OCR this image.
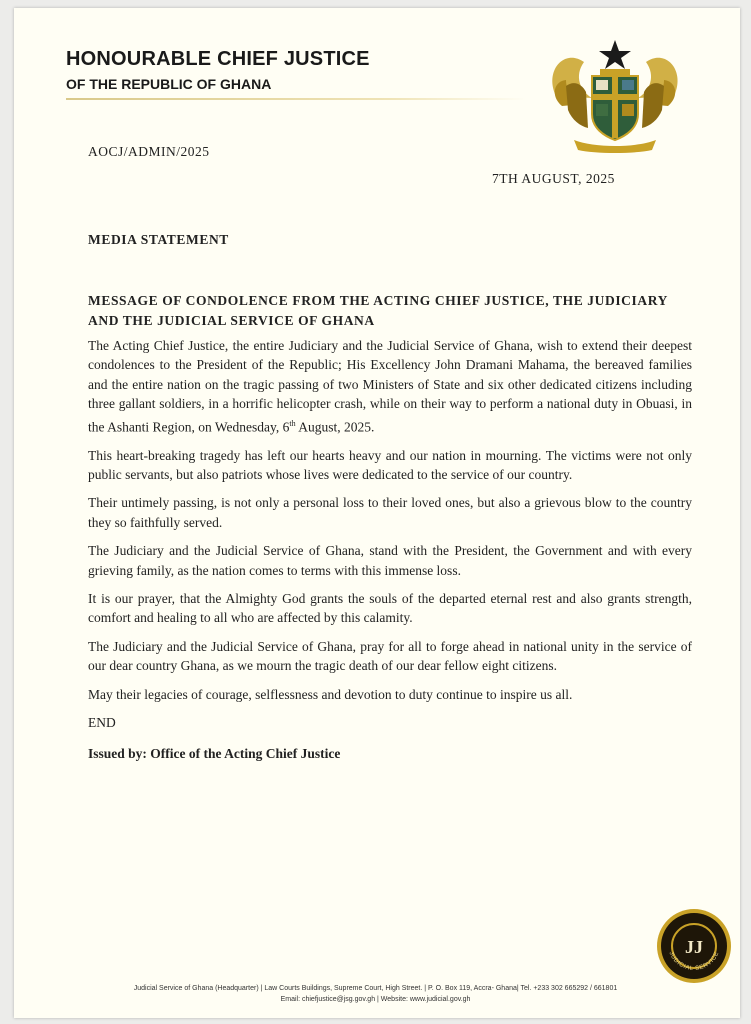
HONOURABLE CHIEF JUSTICE
OF THE REPUBLIC OF GHANA
AOCJ/ADMIN/2025
7TH AUGUST, 2025
MEDIA STATEMENT
MESSAGE OF CONDOLENCE FROM THE ACTING CHIEF JUSTICE, THE JUDICIARY AND THE JUDICIAL SERVICE OF GHANA

The Acting Chief Justice, the entire Judiciary and the Judicial Service of Ghana, wish to extend their deepest condolences to the President of the Republic; His Excellency John Dramani Mahama, the bereaved families and the entire nation on the tragic passing of two Ministers of State and six other dedicated citizens including three gallant soldiers, in a horrific helicopter crash, while on their way to perform a national duty in Obuasi, in the Ashanti Region, on Wednesday, 6th August, 2025.

This heart-breaking tragedy has left our hearts heavy and our nation in mourning. The victims were not only public servants, but also patriots whose lives were dedicated to the service of our country.

Their untimely passing, is not only a personal loss to their loved ones, but also a grievous blow to the country they so faithfully served.

The Judiciary and the Judicial Service of Ghana, stand with the President, the Government and with every grieving family, as the nation comes to terms with this immense loss.

It is our prayer, that the Almighty God grants the souls of the departed eternal rest and also grants strength, comfort and healing to all who are affected by this calamity.

The Judiciary and the Judicial Service of Ghana, pray for all to forge ahead in national unity in the service of our dear country Ghana, as we mourn the tragic death of our dear fellow eight citizens.

May their legacies of courage, selflessness and devotion to duty continue to inspire us all.

END
Issued by: Office of the Acting Chief Justice
JJ
JUDICIAL SERVICE
Judicial Service of Ghana (Headquarter) | Law Courts Buildings, Supreme Court, High Street. | P. O. Box 119, Accra- Ghana| Tel. +233 302 665292 / 661801
Email: chiefjustice@jsg.gov.gh | Website: www.judicial.gov.gh
